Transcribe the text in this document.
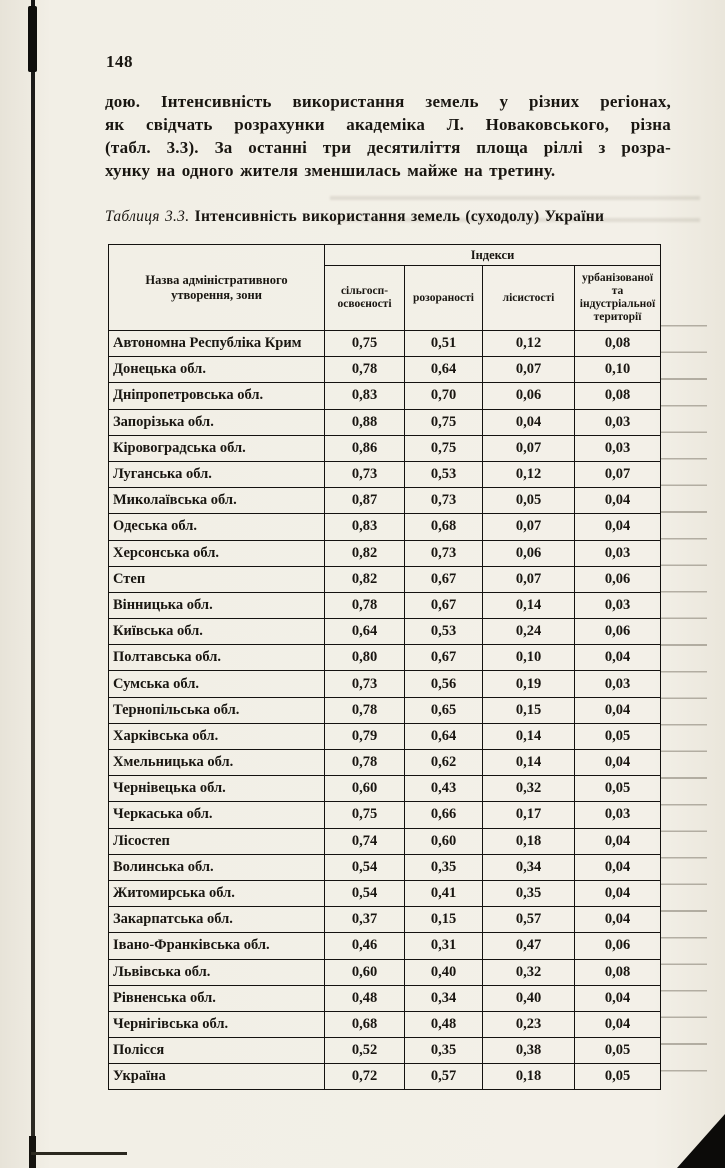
148
дою. Інтенсивність використання земель у різних регіонах,
як свідчать розрахунки академіка Л. Новаковського, різна
(табл. 3.3). За останні три десятиліття площа ріллі з розра-
хунку на одного жителя зменшилась майже на третину.
Таблиця 3.3. Інтенсивність використання земель (суходолу) України
Назва адміністративного утворення, зони	Індекси			
	сільгосп- освоєності	розораності	лісистості	урбанізованої та індустріальної території
Автономна Республіка Крим	0,75	0,51	0,12	0,08
Донецька обл.	0,78	0,64	0,07	0,10
Дніпропетровська обл.	0,83	0,70	0,06	0,08
Запорізька обл.	0,88	0,75	0,04	0,03
Кіровоградська обл.	0,86	0,75	0,07	0,03
Луганська обл.	0,73	0,53	0,12	0,07
Миколаївська обл.	0,87	0,73	0,05	0,04
Одеська обл.	0,83	0,68	0,07	0,04
Херсонська обл.	0,82	0,73	0,06	0,03
Степ	0,82	0,67	0,07	0,06
Вінницька обл.	0,78	0,67	0,14	0,03
Київська обл.	0,64	0,53	0,24	0,06
Полтавська обл.	0,80	0,67	0,10	0,04
Сумська обл.	0,73	0,56	0,19	0,03
Тернопільська обл.	0,78	0,65	0,15	0,04
Харківська обл.	0,79	0,64	0,14	0,05
Хмельницька обл.	0,78	0,62	0,14	0,04
Чернівецька обл.	0,60	0,43	0,32	0,05
Черкаська обл.	0,75	0,66	0,17	0,03
Лісостеп	0,74	0,60	0,18	0,04
Волинська обл.	0,54	0,35	0,34	0,04
Житомирська обл.	0,54	0,41	0,35	0,04
Закарпатська обл.	0,37	0,15	0,57	0,04
Івано-Франківська обл.	0,46	0,31	0,47	0,06
Львівська обл.	0,60	0,40	0,32	0,08
Рівненська обл.	0,48	0,34	0,40	0,04
Чернігівська обл.	0,68	0,48	0,23	0,04
Полісся	0,52	0,35	0,38	0,05
Україна	0,72	0,57	0,18	0,05
